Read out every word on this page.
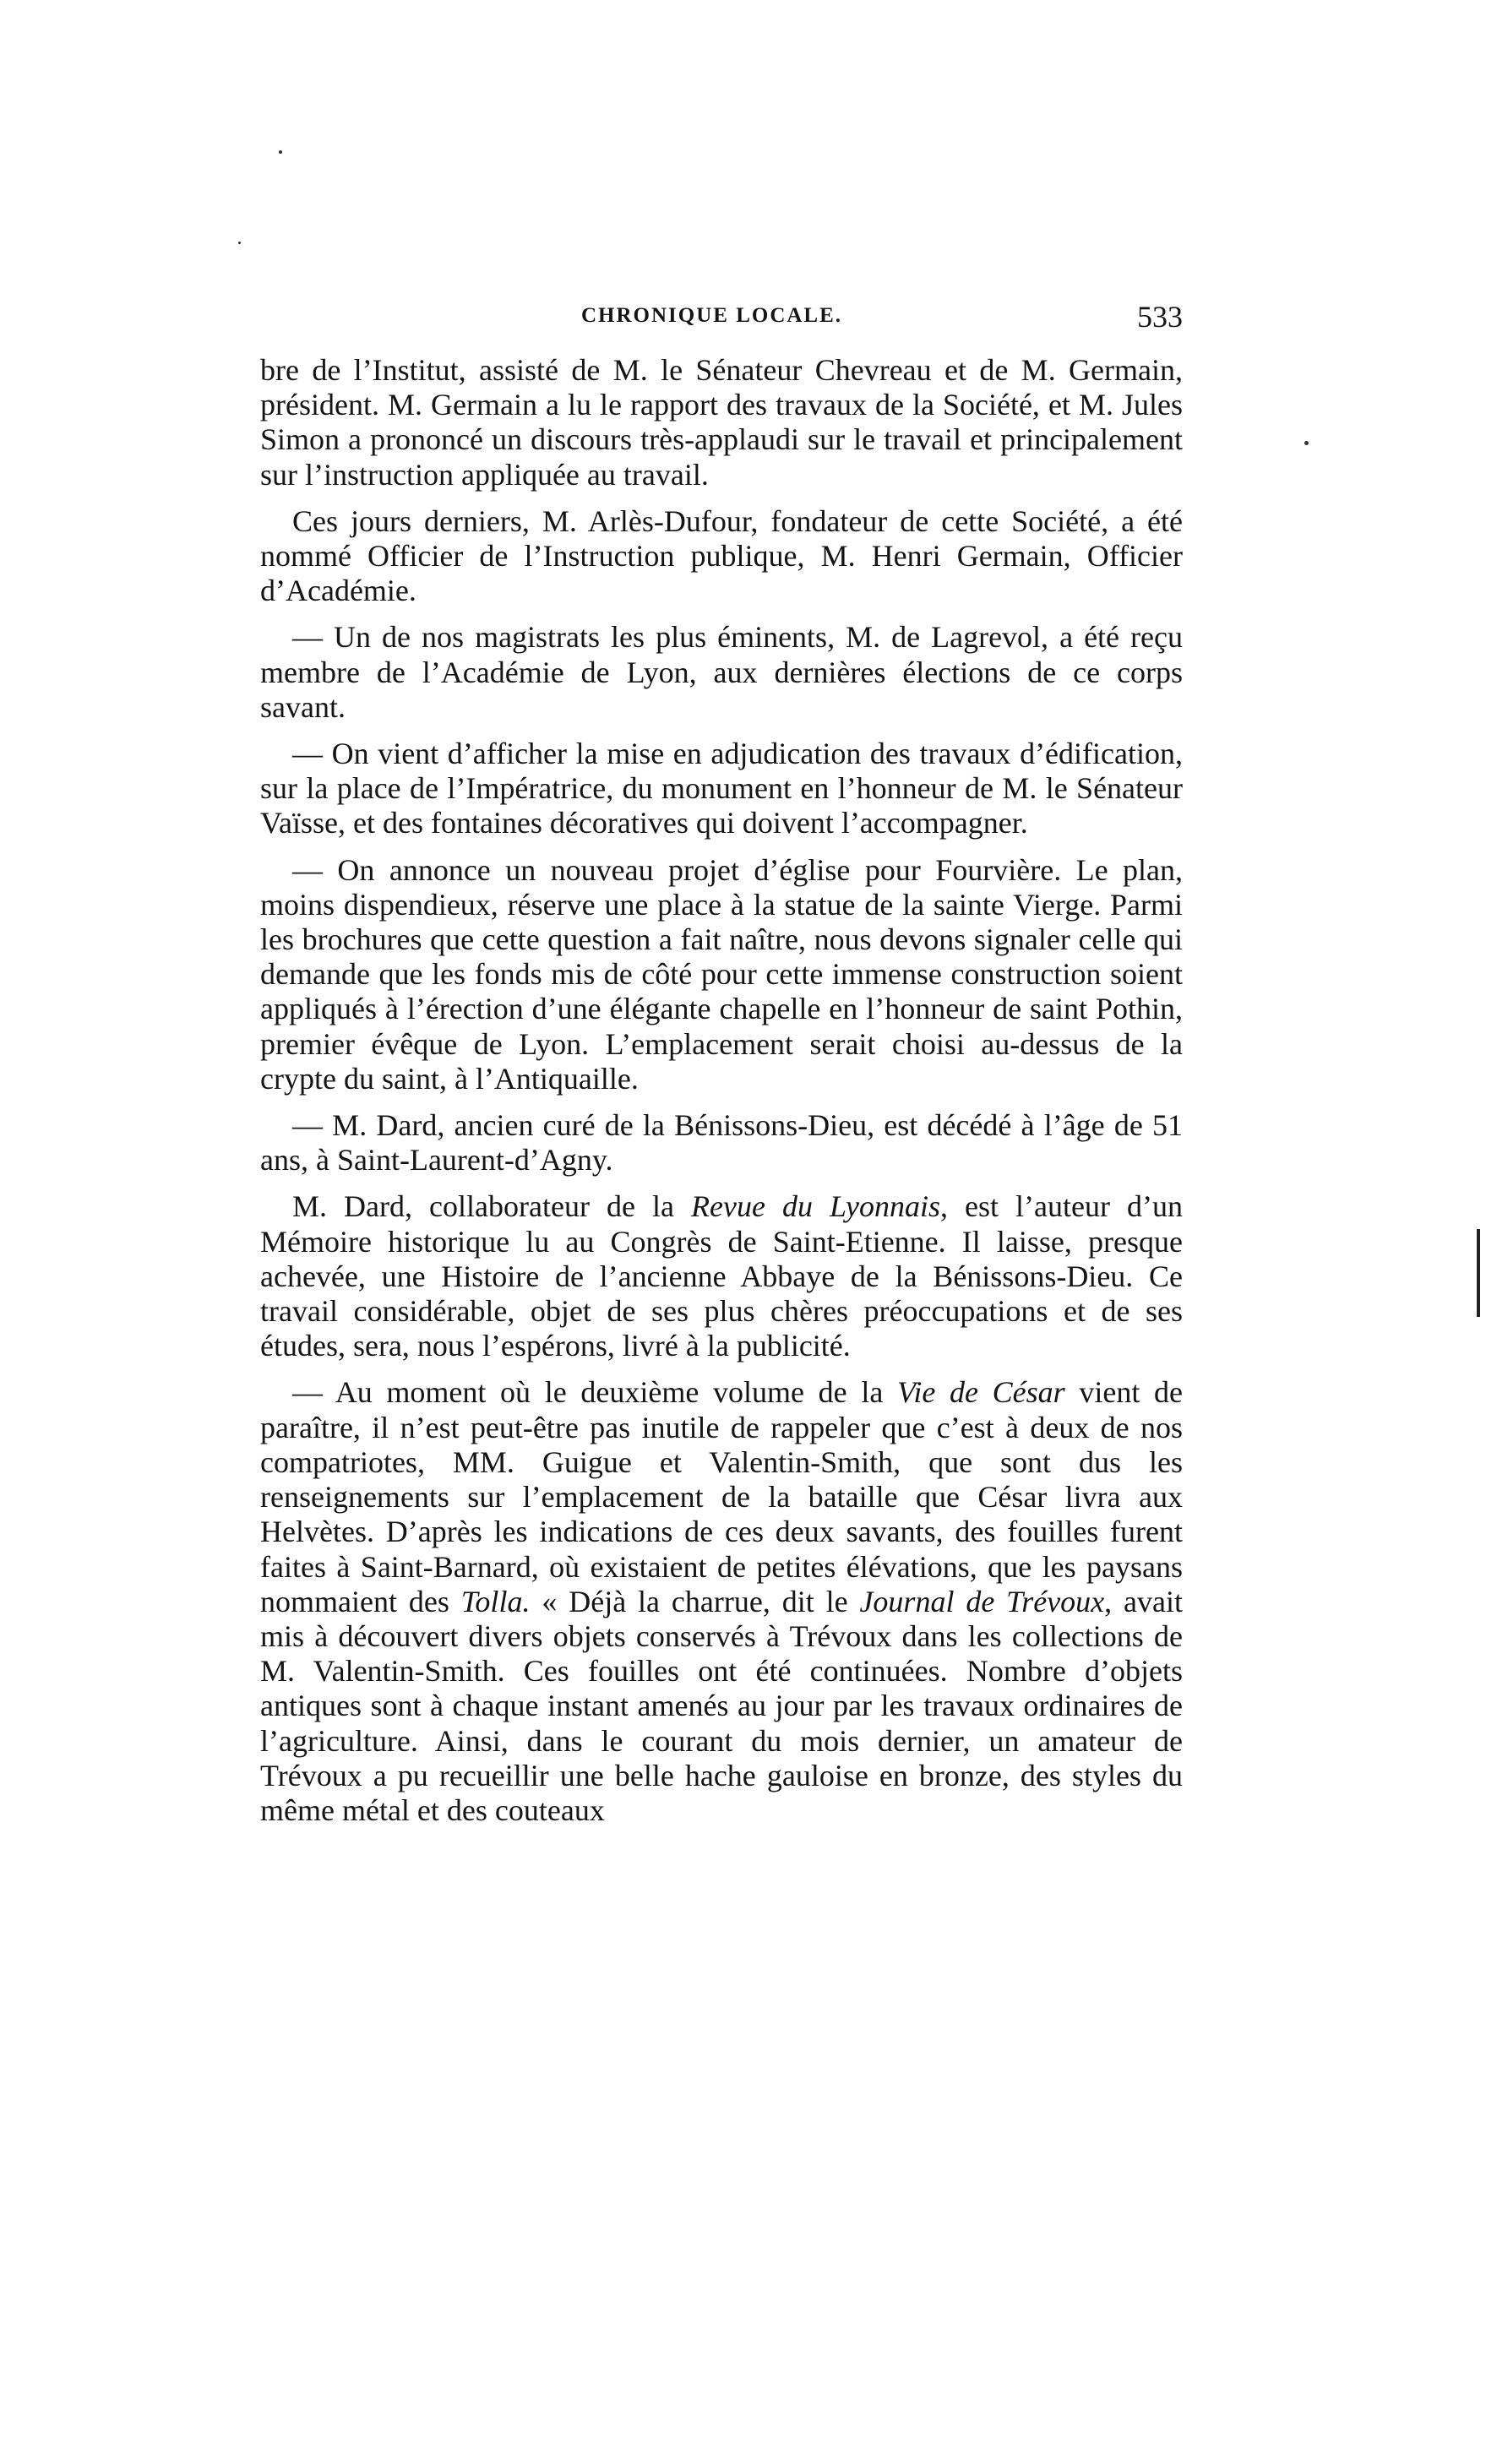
CHRONIQUE LOCALE.	533

bre de l’Institut, assisté de M. le Sénateur Chevreau et de M. Germain, président. M. Germain a lu le rapport des travaux de la Société, et M. Jules Simon a prononcé un discours très-applaudi sur le travail et principalement sur l’instruction appliquée au travail.

Ces jours derniers, M. Arlès-Dufour, fondateur de cette Société, a été nommé Officier de l’Instruction publique, M. Henri Germain, Officier d’Académie.

— Un de nos magistrats les plus éminents, M. de Lagrevol, a été reçu membre de l’Académie de Lyon, aux dernières élections de ce corps savant.

— On vient d’afficher la mise en adjudication des travaux d’édification, sur la place de l’Impératrice, du monument en l’honneur de M. le Sénateur Vaïsse, et des fontaines décoratives qui doivent l’accompagner.

— On annonce un nouveau projet d’église pour Fourvière. Le plan, moins dispendieux, réserve une place à la statue de la sainte Vierge. Parmi les brochures que cette question a fait naître, nous devons signaler celle qui demande que les fonds mis de côté pour cette immense construction soient appliqués à l’érection d’une élégante chapelle en l’honneur de saint Pothin, premier évêque de Lyon. L’emplacement serait choisi au-dessus de la crypte du saint, à l’Antiquaille.

— M. Dard, ancien curé de la Bénissons-Dieu, est décédé à l’âge de 51 ans, à Saint-Laurent-d’Agny.

M. Dard, collaborateur de la Revue du Lyonnais, est l’auteur d’un Mémoire historique lu au Congrès de Saint-Etienne. Il laisse, presque achevée, une Histoire de l’ancienne Abbaye de la Bénissons-Dieu. Ce travail considérable, objet de ses plus chères préoccupations et de ses études, sera, nous l’espérons, livré à la publicité.

— Au moment où le deuxième volume de la Vie de César vient de paraître, il n’est peut-être pas inutile de rappeler que c’est à deux de nos compatriotes, MM. Guigue et Valentin-Smith, que sont dus les renseignements sur l’emplacement de la bataille que César livra aux Helvètes. D’après les indications de ces deux savants, des fouilles furent faites à Saint-Barnard, où existaient de petites élévations, que les paysans nommaient des Tolla. « Déjà la charrue, dit le Journal de Trévoux, avait mis à découvert divers objets conservés à Trévoux dans les collections de M. Valentin-Smith. Ces fouilles ont été continuées. Nombre d’objets antiques sont à chaque instant amenés au jour par les travaux ordinaires de l’agriculture. Ainsi, dans le courant du mois dernier, un amateur de Trévoux a pu recueillir une belle hache gauloise en bronze, des styles du même métal et des couteaux
